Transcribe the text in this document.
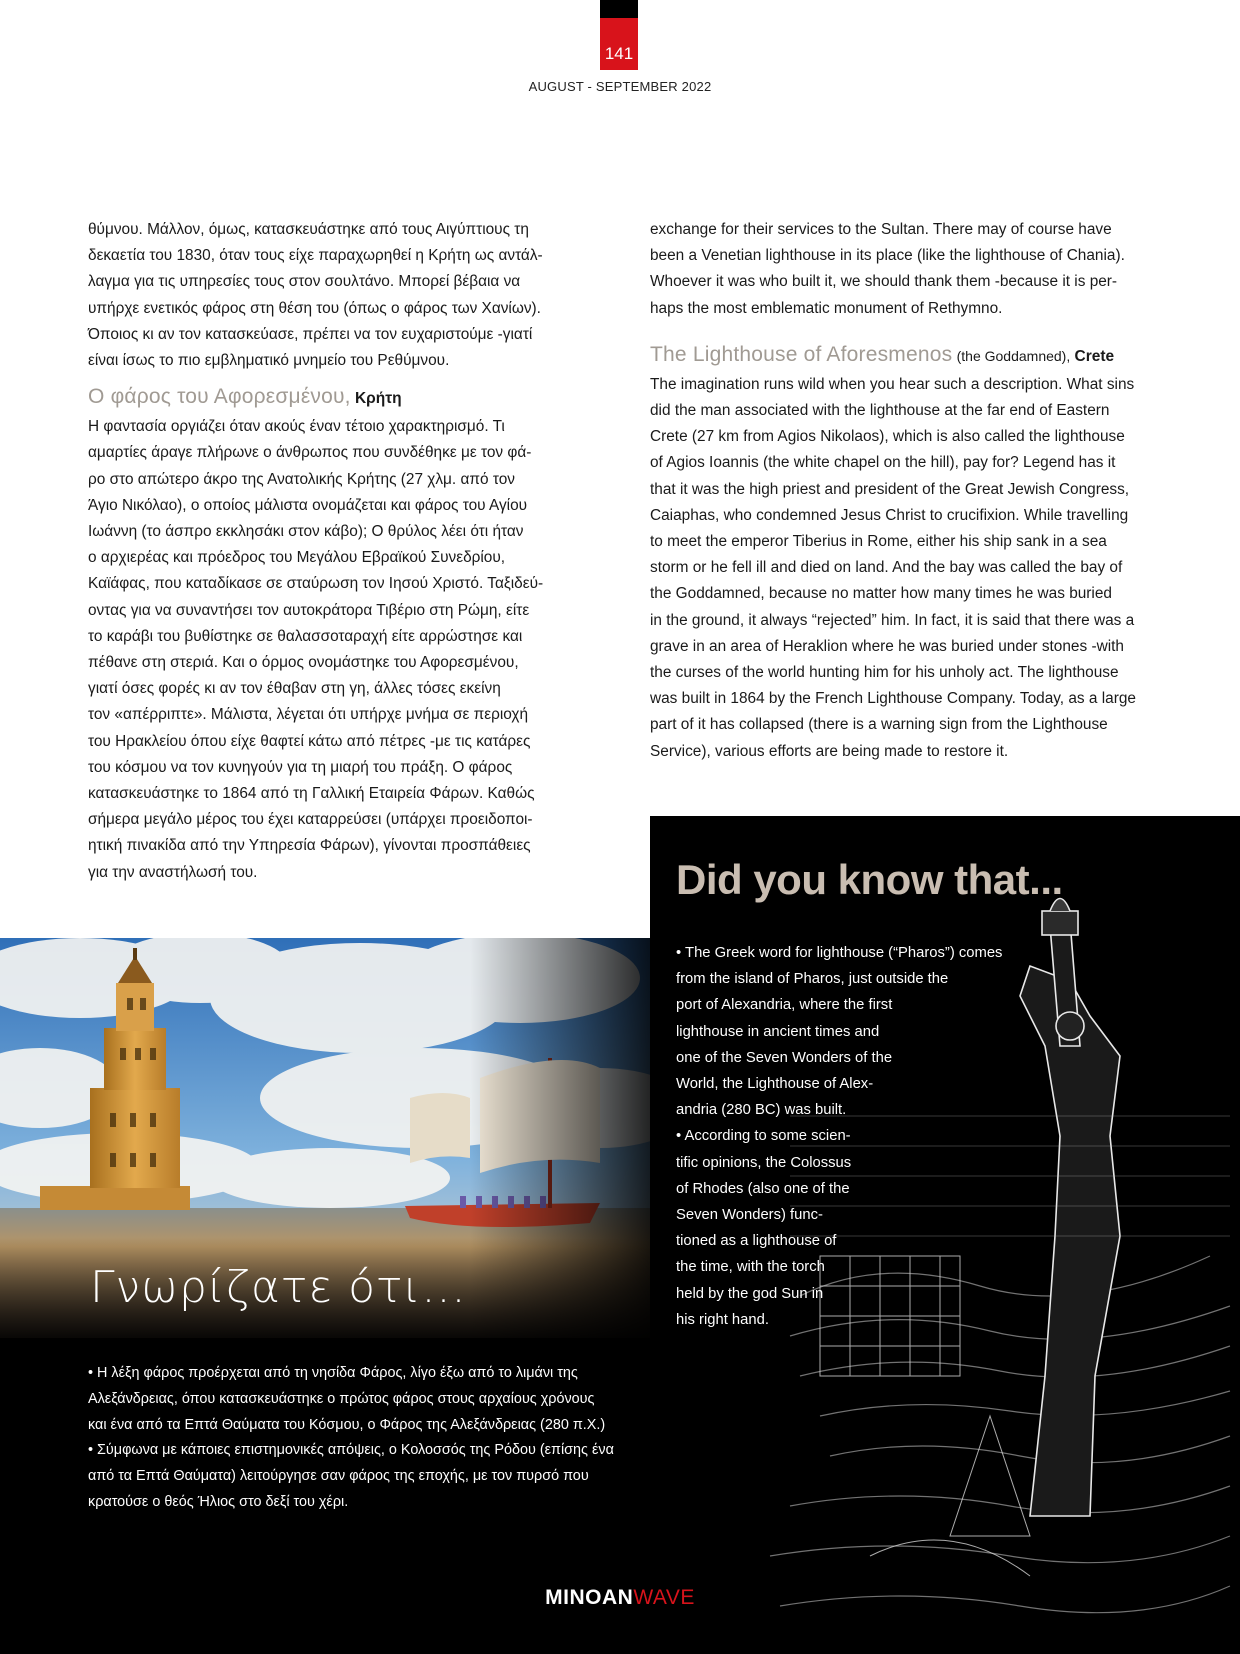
141
AUGUST - SEPTEMBER 2022

θύμνου. Μάλλον, όμως, κατασκευάστηκε από τους Αιγύπτιους τη

δεκαετία του 1830, όταν τους είχε παραχωρηθεί η Κρήτη ως αντάλ-

λαγμα για τις υπηρεσίες τους στον σουλτάνο. Μπορεί βέβαια να

υπήρχε ενετικός φάρος στη θέση του (όπως ο φάρος των Χανίων).

Όποιος κι αν τον κατασκεύασε, πρέπει να τον ευχαριστούμε -γιατί

είναι ίσως το πιο εμβληματικό μνημείο του Ρεθύμνου.

Ο φάρος του Αφορεσμένου, Κρήτη

Η φαντασία οργιάζει όταν ακούς έναν τέτοιο χαρακτηρισμό. Τι

αμαρτίες άραγε πλήρωνε ο άνθρωπος που συνδέθηκε με τον φά-

ρο στο απώτερο άκρο της Ανατολικής Κρήτης (27 χλμ. από τον

Άγιο Νικόλαο), ο οποίος μάλιστα ονομάζεται και φάρος του Αγίου

Ιωάννη (το άσπρο εκκλησάκι στον κάβο); Ο θρύλος λέει ότι ήταν

ο αρχιερέας και πρόεδρος του Μεγάλου Εβραϊκού Συνεδρίου,

Καϊάφας, που καταδίκασε σε σταύρωση τον Ιησού Χριστό. Ταξιδεύ-

οντας για να συναντήσει τον αυτοκράτορα Τιβέριο στη Ρώμη, είτε

το καράβι του βυθίστηκε σε θαλασσοταραχή είτε αρρώστησε και

πέθανε στη στεριά. Και ο όρμος ονομάστηκε του Αφορεσμένου,

γιατί όσες φορές κι αν τον έθαβαν στη γη, άλλες τόσες εκείνη

τον «απέρριπτε». Μάλιστα, λέγεται ότι υπήρχε μνήμα σε περιοχή

του Ηρακλείου όπου είχε θαφτεί κάτω από πέτρες -με τις κατάρες

του κόσμου να τον κυνηγούν για τη μιαρή του πράξη. Ο φάρος

κατασκευάστηκε το 1864 από τη Γαλλική Εταιρεία Φάρων. Καθώς

σήμερα μεγάλο μέρος του έχει καταρρεύσει (υπάρχει προειδοποι-

ητική πινακίδα από την Υπηρεσία Φάρων), γίνονται προσπάθειες

για την αναστήλωσή του.

exchange for their services to the Sultan. There may of course have

been a Venetian lighthouse in its place (like the lighthouse of Chania).

Whoever it was who built it, we should thank them -because it is per-

haps the most emblematic monument of Rethymno.

The Lighthouse of Aforesmenos (the Goddamned), Crete

The imagination runs wild when you hear such a description. What sins

did the man associated with the lighthouse at the far end of Eastern

Crete (27 km from Agios Nikolaos), which is also called the lighthouse

of Agios Ioannis (the white chapel on the hill), pay for? Legend has it

that it was the high priest and president of the Great Jewish Congress,

Caiaphas, who condemned Jesus Christ to crucifixion. While travelling

to meet the emperor Tiberius in Rome, either his ship sank in a sea

storm or he fell ill and died on land. And the bay was called the bay of

the Goddamned, because no matter how many times he was buried

in the ground, it always “rejected” him. In fact, it is said that there was a

grave in an area of Heraklion where he was buried under stones -with

the curses of the world hunting him for his unholy act. The lighthouse

was built in 1864 by the French Lighthouse Company. Today, as a large

part of it has collapsed (there is a warning sign from the Lighthouse

Service), various efforts are being made to restore it.

Γνωρίζατε ότι...

• Η λέξη φάρος προέρχεται από τη νησίδα Φάρος, λίγο έξω από το λιμάνι της

Αλεξάνδρειας, όπου κατασκευάστηκε ο πρώτος φάρος στους αρχαίους χρόνους

και ένα από τα Επτά Θαύματα του Κόσμου, ο Φάρος της Αλεξάνδρειας (280 π.Χ.)

• Σύμφωνα με κάποιες επιστημονικές απόψεις, ο Κολοσσός της Ρόδου (επίσης ένα

από τα Επτά Θαύματα) λειτούργησε σαν φάρος της εποχής, με τον πυρσό που

κρατούσε ο θεός Ήλιος στο δεξί του χέρι.

Did you know that...

• The Greek word for lighthouse (“Pharos”) comes

from the island of Pharos, just outside the

port of Alexandria, where the first

lighthouse in ancient times and

one of the Seven Wonders of the

World, the Lighthouse of Alex-

andria (280 BC) was built.

• According to some scien-

tific opinions, the Colossus

of Rhodes (also one of the

Seven Wonders) func-

tioned as a lighthouse of

the time, with the torch

held by the god Sun in

his right hand.

MINOANWAVE
